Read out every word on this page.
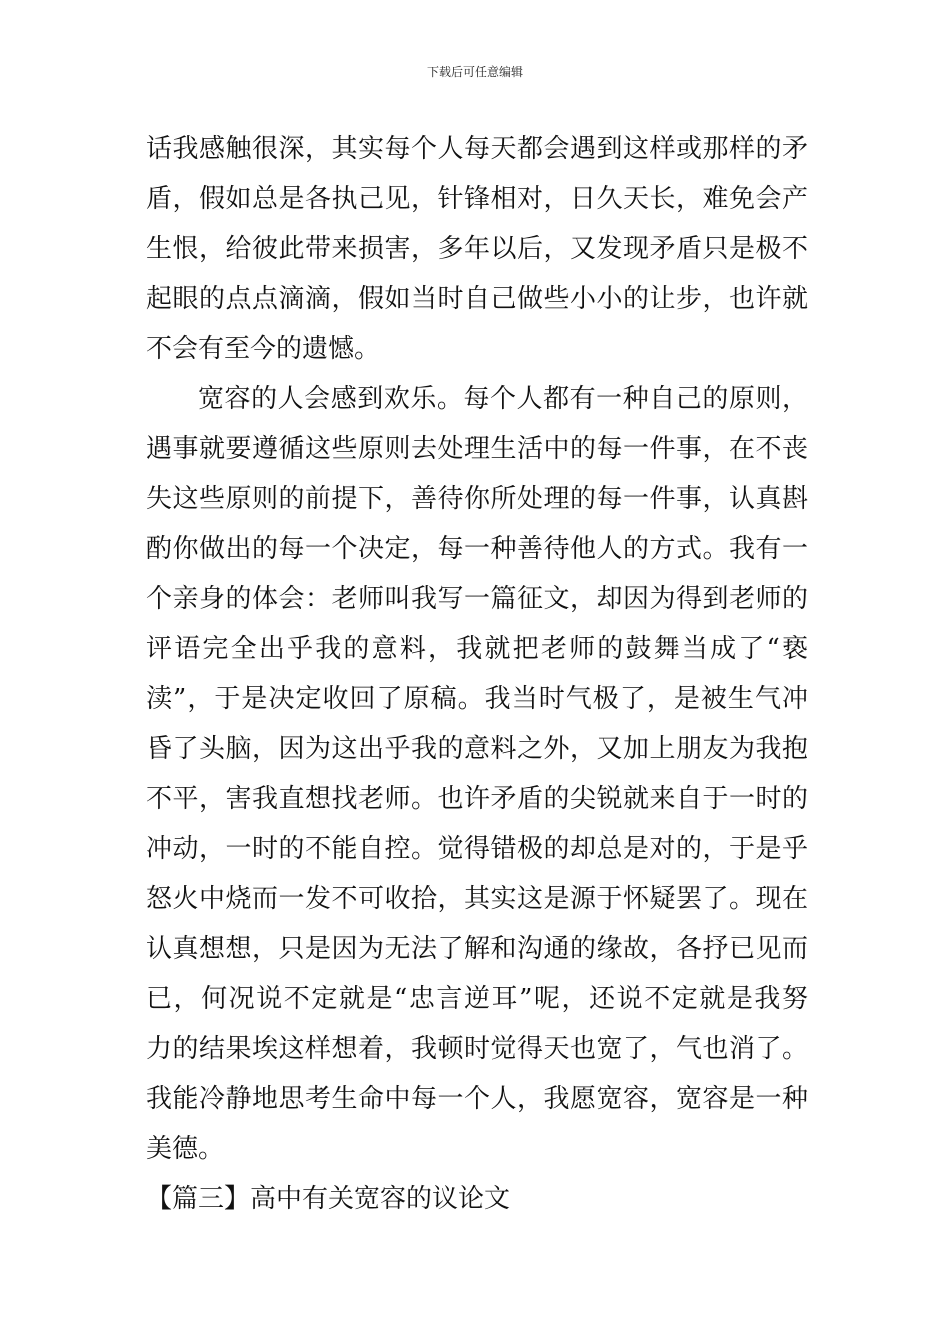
下载后可任意编辑
话我感触很深，其实每个人每天都会遇到这样或那样的矛
盾，假如总是各执己见，针锋相对，日久天长，难免会产
生恨，给彼此带来损害，多年以后，又发现矛盾只是极不
起眼的点点滴滴，假如当时自己做些小小的让步，也许就
不会有至今的遗憾。
宽容的人会感到欢乐。每个人都有一种自己的原则，
遇事就要遵循这些原则去处理生活中的每一件事，在不丧
失这些原则的前提下，善待你所处理的每一件事，认真斟
酌你做出的每一个决定，每一种善待他人的方式。我有一
个亲身的体会：老师叫我写一篇征文，却因为得到老师的
评语完全出乎我的意料，我就把老师的鼓舞当成了“亵
渎”，于是决定收回了原稿。我当时气极了，是被生气冲
昏了头脑，因为这出乎我的意料之外，又加上朋友为我抱
不平，害我直想找老师。也许矛盾的尖锐就来自于一时的
冲动，一时的不能自控。觉得错极的却总是对的，于是乎
怒火中烧而一发不可收拾，其实这是源于怀疑罢了。现在
认真想想，只是因为无法了解和沟通的缘故，各抒已见而
已，何况说不定就是“忠言逆耳”呢，还说不定就是我努
力的结果埃这样想着，我顿时觉得天也宽了，气也消了。
我能冷静地思考生命中每一个人，我愿宽容，宽容是一种
美德。
【篇三】高中有关宽容的议论文
